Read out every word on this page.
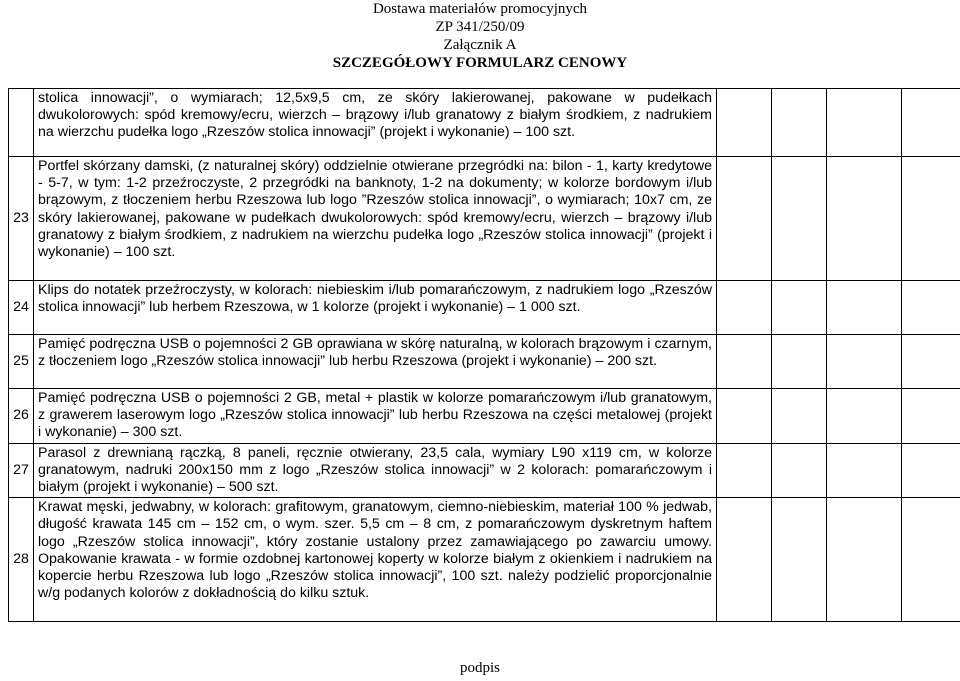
Dostawa materiałów promocyjnych
ZP 341/250/09
Załącznik A
SZCZEGÓŁOWY FORMULARZ CENOWY
	stolica innowacji”, o wymiarach; 12,5x9,5 cm, ze skóry lakierowanej, pakowane w pudełkach dwukolorowych: spód kremowy/ecru, wierzch – brązowy i/lub granatowy z białym środkiem, z nadrukiem na wierzchu pudełka logo „Rzeszów stolica innowacji” (projekt i wykonanie) – 100 szt.				
23	Portfel skórzany damski, (z naturalnej skóry) oddzielnie otwierane przegródki na: bilon - 1, karty kredytowe - 5-7, w tym: 1-2 przeźroczyste, 2 przegródki na banknoty, 1-2 na dokumenty; w kolorze bordowym i/lub brązowym, z tłoczeniem herbu Rzeszowa lub logo ”Rzeszów stolica innowacji”, o wymiarach; 10x7 cm, ze skóry lakierowanej, pakowane w pudełkach dwukolorowych: spód kremowy/ecru, wierzch – brązowy i/lub granatowy z białym środkiem, z nadrukiem na wierzchu pudełka logo „Rzeszów stolica innowacji” (projekt i wykonanie) – 100 szt.				
24	Klips do notatek przeźroczysty, w kolorach: niebieskim i/lub pomarańczowym, z nadrukiem logo „Rzeszów stolica innowacji” lub herbem Rzeszowa, w 1 kolorze (projekt i wykonanie) – 1 000 szt.				
25	Pamięć podręczna USB o pojemności 2 GB oprawiana w skórę naturalną, w kolorach brązowym i czarnym, z tłoczeniem logo „Rzeszów stolica innowacji” lub herbu Rzeszowa (projekt i wykonanie) – 200 szt.				
26	Pamięć podręczna USB o pojemności 2 GB, metal + plastik w kolorze pomarańczowym i/lub granatowym, z grawerem laserowym logo „Rzeszów stolica innowacji” lub herbu Rzeszowa na części metalowej (projekt i wykonanie) – 300 szt.				
27	Parasol z drewnianą rączką, 8 paneli, ręcznie otwierany, 23,5 cala, wymiary L90 x119 cm, w kolorze granatowym, nadruki 200x150 mm z logo „Rzeszów stolica innowacji” w 2 kolorach: pomarańczowym i białym (projekt i wykonanie) – 500 szt.				
28	Krawat męski, jedwabny, w kolorach: grafitowym, granatowym, ciemno-niebieskim, materiał 100 % jedwab, długość krawata 145 cm – 152 cm, o wym. szer. 5,5 cm – 8 cm, z pomarańczowym dyskretnym haftem logo „Rzeszów stolica innowacji”, który zostanie ustalony przez zamawiającego po zawarciu umowy. Opakowanie krawata - w formie ozdobnej kartonowej koperty w kolorze białym z okienkiem i nadrukiem na kopercie herbu Rzeszowa lub logo „Rzeszów stolica innowacji”, 100 szt. należy podzielić proporcjonalnie w/g podanych kolorów z dokładnością do kilku sztuk.				
podpis
